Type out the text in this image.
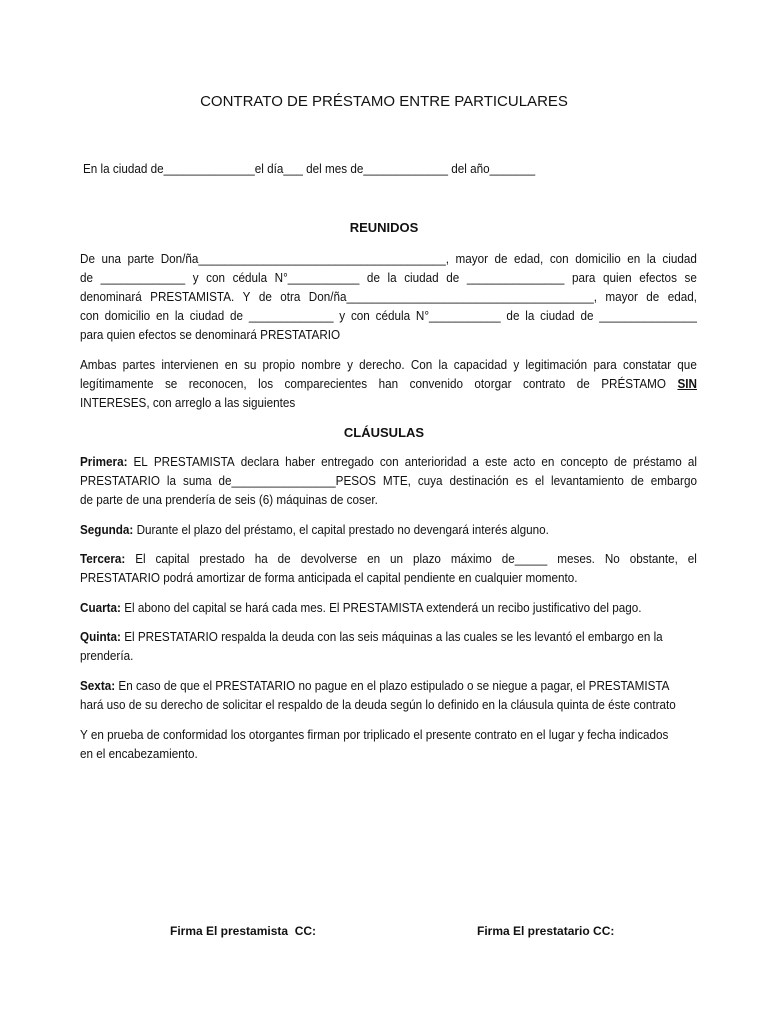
CONTRATO DE PRÉSTAMO ENTRE PARTICULARES
En la ciudad de______________el día___ del mes de_____________ del año_______
REUNIDOS
De una parte Don/ña______________________________________, mayor de edad, con domicilio en la ciudad
de _____________ y con cédula N°___________ de la ciudad de _______________ para quien efectos se
denominará PRESTAMISTA. Y de otra Don/ña______________________________________, mayor de edad,
con domicilio en la ciudad de _____________ y con cédula N°___________ de la ciudad de _______________
para quien efectos se denominará PRESTATARIO
Ambas partes intervienen en su propio nombre y derecho. Con la capacidad y legitimación para constatar que
legítimamente se reconocen, los comparecientes han convenido otorgar contrato de PRÉSTAMO SIN
INTERESES, con arreglo a las siguientes
CLÁUSULAS
Primera: EL PRESTAMISTA declara haber entregado con anterioridad a este acto en concepto de préstamo al
PRESTATARIO la suma de________________PESOS MTE, cuya destinación es el levantamiento de embargo
de parte de una prendería de seis (6) máquinas de coser.
Segunda: Durante el plazo del préstamo, el capital prestado no devengará interés alguno.
Tercera: El capital prestado ha de devolverse en un plazo máximo de_____ meses. No obstante, el
PRESTATARIO podrá amortizar de forma anticipada el capital pendiente en cualquier momento.
Cuarta: El abono del capital se hará cada mes. El PRESTAMISTA extenderá un recibo justificativo del pago.
Quinta: El PRESTATARIO respalda la deuda con las seis máquinas a las cuales se les levantó el embargo en la
prendería.
Sexta: En caso de que el PRESTATARIO no pague en el plazo estipulado o se niegue a pagar, el PRESTAMISTA
hará uso de su derecho de solicitar el respaldo de la deuda según lo definido en la cláusula quinta de éste contrato
Y en prueba de conformidad los otorgantes firman por triplicado el presente contrato en el lugar y fecha indicados
en el encabezamiento.
Firma El prestamista  CC:	Firma El prestatario CC:
